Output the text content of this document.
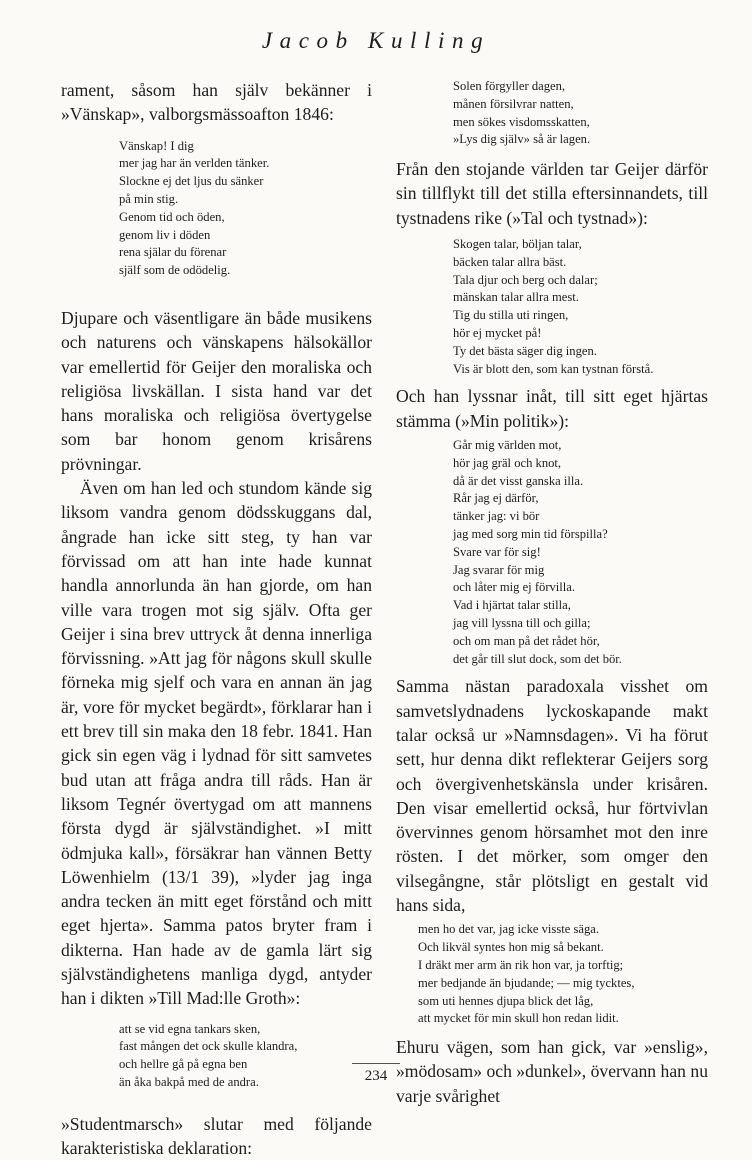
Jacob Kulling

rament, såsom han själv bekänner i »Vänskap», valborgsmässoafton 1846:

Vänskap! I dig
mer jag har än verlden tänker.
Slockne ej det ljus du sänker
på min stig.
Genom tid och öden,
genom liv i döden
rena själar du förenar
själf som de odödelig.

Djupare och väsentligare än både musikens och naturens och vänskapens hälsokällor var emellertid för Geijer den moraliska och religiösa livskällan. I sista hand var det hans moraliska och religiösa övertygelse som bar honom genom krisårens prövningar.

Även om han led och stundom kände sig liksom vandra genom dödsskuggans dal, ångrade han icke sitt steg, ty han var förvissad om att han inte hade kunnat handla annorlunda än han gjorde, om han ville vara trogen mot sig själv. Ofta ger Geijer i sina brev uttryck åt denna innerliga förvissning. »Att jag för någons skull skulle förneka mig sjelf och vara en annan än jag är, vore för mycket begärdt», förklarar han i ett brev till sin maka den 18 febr. 1841. Han gick sin egen väg i lydnad för sitt samvetes bud utan att fråga andra till råds. Han är liksom Tegnér övertygad om att mannens första dygd är självständighet. »I mitt ödmjuka kall», försäkrar han vännen Betty Löwenhielm (13/1 39), »lyder jag inga andra tecken än mitt eget förstånd och mitt eget hjerta». Samma patos bryter fram i dikterna. Han hade av de gamla lärt sig självständighetens manliga dygd, antyder han i dikten »Till Mad:lle Groth»:

att se vid egna tankars sken,
fast mången det ock skulle klandra,
och hellre gå på egna ben
än åka bakpå med de andra.

»Studentmarsch» slutar med följande karakteristiska deklaration:

Solen förgyller dagen,
månen försilvrar natten,
men sökes visdomsskatten,
»Lys dig själv» så är lagen.

Från den stojande världen tar Geijer därför sin tillflykt till det stilla eftersinnandets, till tystnadens rike (»Tal och tystnad»):

Skogen talar, böljan talar,
bäcken talar allra bäst.
Tala djur och berg och dalar;
mänskan talar allra mest.
Tig du stilla uti ringen,
hör ej mycket på!
Ty det bästa säger dig ingen.
Vis är blott den, som kan tystnan förstå.

Och han lyssnar inåt, till sitt eget hjärtas stämma (»Min politik»):

Går mig världen mot,
hör jag gräl och knot,
då är det visst ganska illa.
Rår jag ej därför,
tänker jag: vi bör
jag med sorg min tid förspilla?
Svare var för sig!
Jag svarar för mig
och låter mig ej förvilla.
Vad i hjärtat talar stilla,
jag vill lyssna till och gilla;
och om man på det rådet hör,
det går till slut dock, som det bör.

Samma nästan paradoxala visshet om samvetslydnadens lyckoskapande makt talar också ur »Namnsdagen». Vi ha förut sett, hur denna dikt reflekterar Geijers sorg och övergivenhetskänsla under krisåren. Den visar emellertid också, hur förtvivlan övervinnes genom hörsamhet mot den inre rösten. I det mörker, som omger den vilsegångne, står plötsligt en gestalt vid hans sida,

men ho det var, jag icke visste säga.
Och likväl syntes hon mig så bekant.
I dräkt mer arm än rik hon var, ja torftig;
mer bedjande än bjudande; — mig tycktes,
som uti hennes djupa blick det låg,
att mycket för min skull hon redan lidit.

Ehuru vägen, som han gick, var »enslig», »mödosam» och »dunkel», övervann han nu varje svårighet

234
